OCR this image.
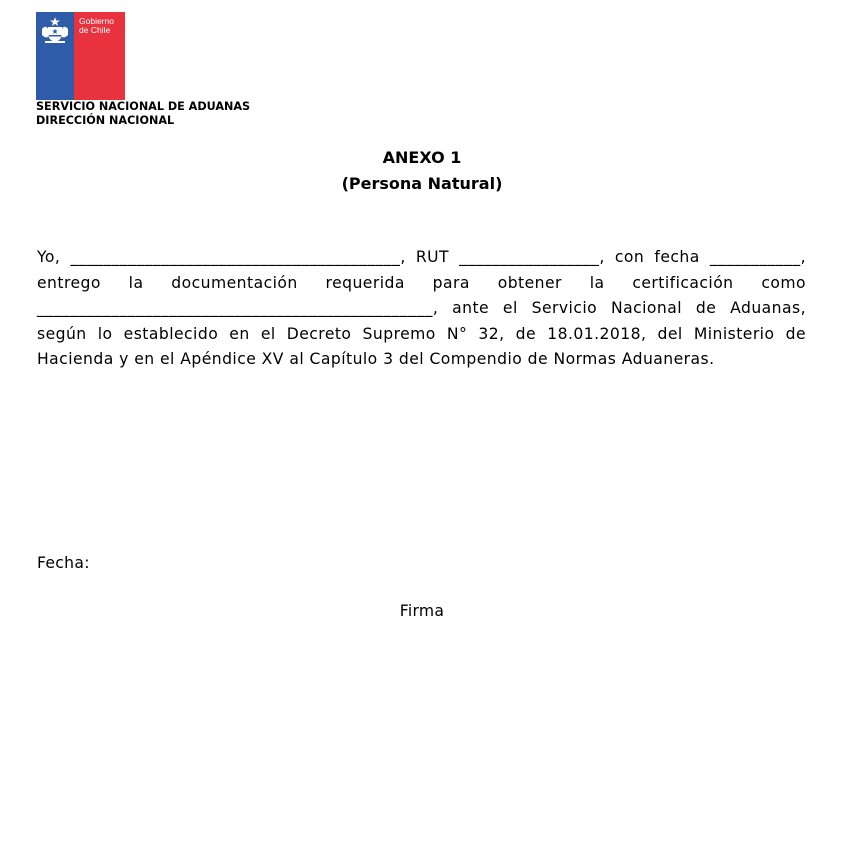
Gobierno
de Chile
SERVICIO NACIONAL DE ADUANAS
DIRECCIÓN NACIONAL
ANEXO 1
(Persona Natural)
Yo, ________________________________________, RUT _________________, con fecha ___________, entrego la documentación requerida para obtener la certificación como ________________________________________________, ante el Servicio Nacional de Aduanas, según lo establecido en el Decreto Supremo N° 32, de 18.01.2018, del Ministerio de Hacienda y en el Apéndice XV al Capítulo 3 del Compendio de Normas Aduaneras.
Fecha:
Firma
